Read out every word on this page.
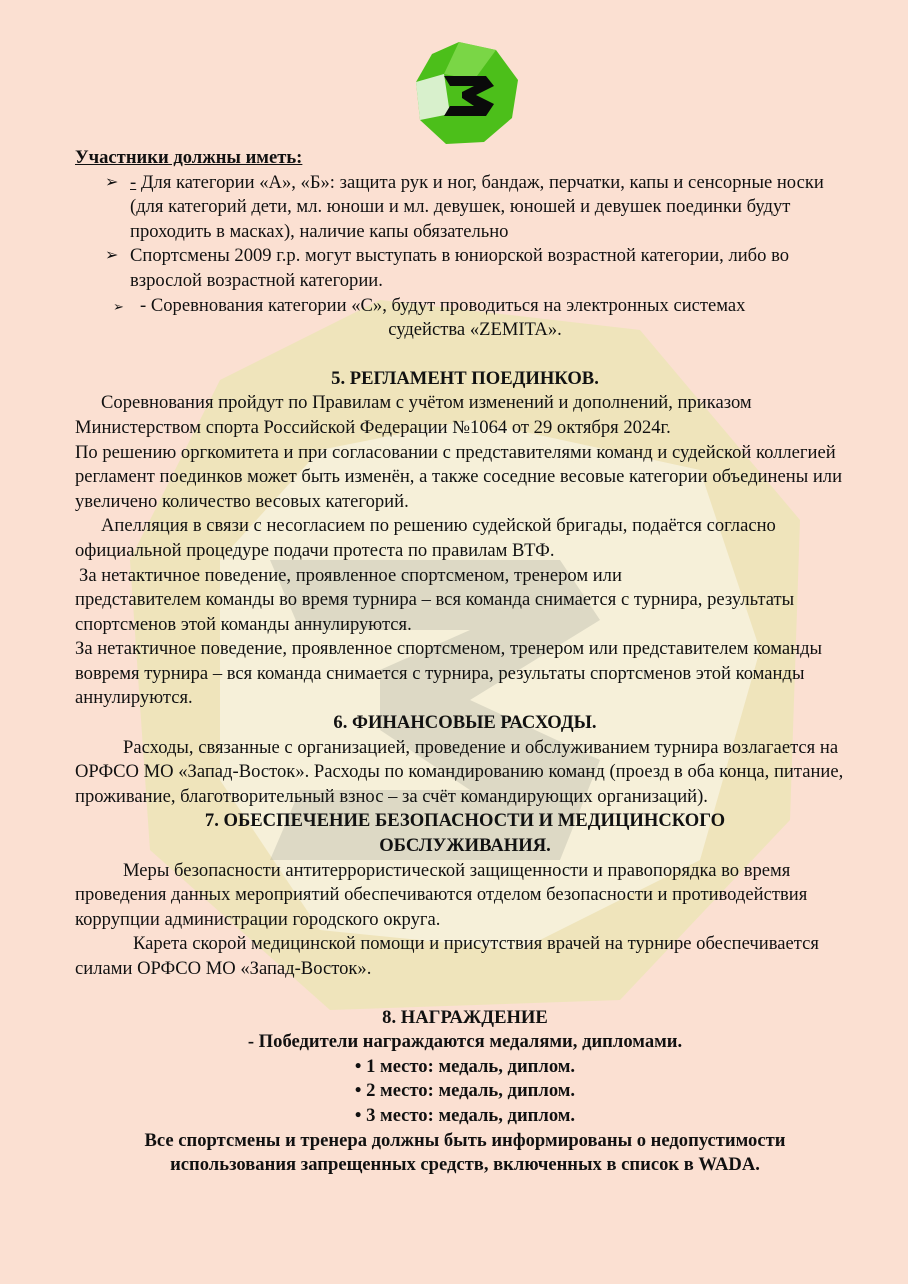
Участники должны иметь:

➢ - Для категории «А», «Б»: защита рук и ног, бандаж, перчатки, капы и сенсорные носки (для категорий дети, мл. юноши и мл. девушек, юношей и девушек поединки будут проходить в масках), наличие капы обязательно

➢ Спортсмены 2009 г.р. могут выступать в юниорской возрастной категории, либо во взрослой возрастной категории.

➢ - Соревнования категории «С», будут проводиться на электронных системах
судейства «ZEMITA».

5. РЕГЛАМЕНТ ПОЕДИНКОВ.

Соревнования пройдут по Правилам с учётом изменений и дополнений, приказом Министерством спорта Российской Федерации №1064 от 29 октября 2024г.

По решению оргкомитета и при согласовании с представителями команд и судейской коллегией регламент поединков может быть изменён, а также соседние весовые категории объединены или увеличено количество весовых категорий.

Апелляция в связи с несогласием по решению судейской бригады, подаётся согласно официальной процедуре подачи протеста по правилам ВТФ.

За нетактичное поведение, проявленное спортсменом, тренером или

представителем команды во время турнира – вся команда снимается с турнира, результаты спортсменов этой команды аннулируются.

За нетактичное поведение, проявленное спортсменом, тренером или представителем команды вовремя турнира – вся команда снимается с турнира, результаты спортсменов этой команды аннулируются.

6. ФИНАНСОВЫЕ РАСХОДЫ.

Расходы, связанные с организацией, проведение и обслуживанием турнира возлагается на ОРФСО МО «Запад-Восток». Расходы по командированию команд (проезд в оба конца, питание, проживание, благотворительный взнос – за счёт командирующих организаций).

7. ОБЕСПЕЧЕНИЕ БЕЗОПАСНОСТИ И МЕДИЦИНСКОГО
ОБСЛУЖИВАНИЯ.

Меры безопасности антитеррористической защищенности и правопорядка во время проведения данных мероприятий обеспечиваются отделом безопасности и противодействия коррупции администрации городского округа.

Карета скорой медицинской помощи и присутствия врачей на турнире обеспечивается силами ОРФСО МО «Запад-Восток».

8. НАГРАЖДЕНИЕ

- Победители награждаются медалями, дипломами.

• 1 место: медаль, диплом.

• 2 место: медаль, диплом.

• 3 место: медаль, диплом.

Все спортсмены и тренера должны быть информированы о недопустимости
использования запрещенных средств, включенных в список в WADA.
